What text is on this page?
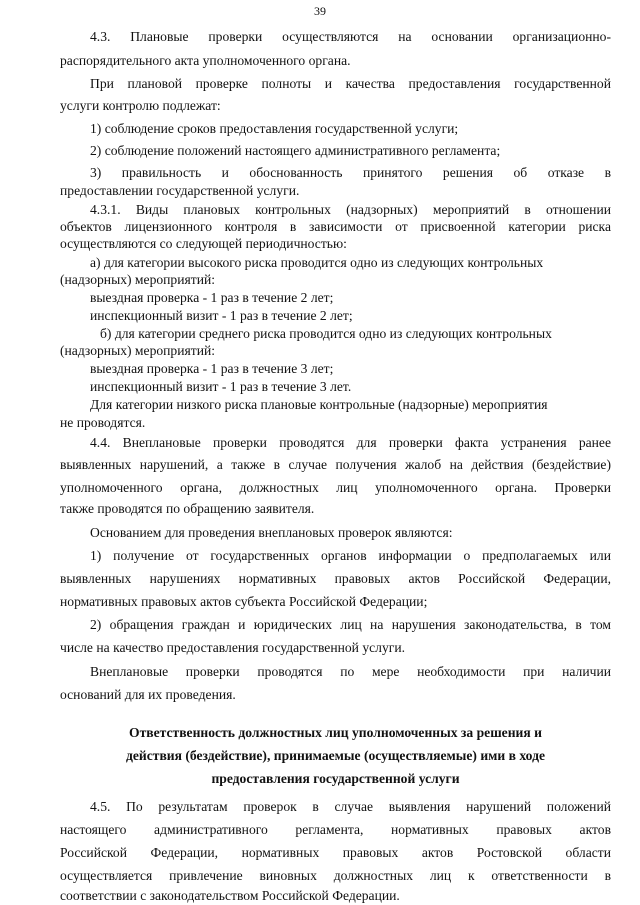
39
4.3. Плановые проверки осуществляются на основании организационно-
распорядительного акта уполномоченного органа.
При плановой проверке полноты и качества предоставления государственной
услуги контролю подлежат:
1) соблюдение сроков предоставления государственной услуги;
2) соблюдение положений настоящего административного регламента;
3) правильность и обоснованность принятого решения об отказе в
предоставлении государственной услуги.
4.3.1. Виды плановых контрольных (надзорных) мероприятий в отношении
объектов лицензионного контроля в зависимости от присвоенной категории риска
осуществляются со следующей периодичностью:
а) для категории высокого риска проводится одно из следующих контрольных
(надзорных) мероприятий:
выездная проверка - 1 раз в течение 2 лет;
инспекционный визит - 1 раз в течение 2 лет;
б) для категории среднего риска проводится одно из следующих контрольных
(надзорных) мероприятий:
выездная проверка - 1 раз в течение 3 лет;
инспекционный визит - 1 раз в течение 3 лет.
Для категории низкого риска плановые контрольные (надзорные) мероприятия
не проводятся.
4.4. Внеплановые проверки проводятся для проверки факта устранения ранее
выявленных нарушений, а также в случае получения жалоб на действия (бездействие)
уполномоченного органа, должностных лиц уполномоченного органа. Проверки
также проводятся по обращению заявителя.
Основанием для проведения внеплановых проверок являются:
1) получение от государственных органов информации о предполагаемых или
выявленных нарушениях нормативных правовых актов Российской Федерации,
нормативных правовых актов субъекта Российской Федерации;
2) обращения граждан и юридических лиц на нарушения законодательства, в том
числе на качество предоставления государственной услуги.
Внеплановые проверки проводятся по мере необходимости при наличии
оснований для их проведения.
4.5. По результатам проверок в случае выявления нарушений положений
настоящего административного регламента, нормативных правовых актов
Российской Федерации, нормативных правовых актов Ростовской области
осуществляется привлечение виновных должностных лиц к ответственности в
соответствии с законодательством Российской Федерации.
Ответственность должностных лиц уполномоченных за решения и
действия (бездействие), принимаемые (осуществляемые) ими в ходе
предоставления государственной услуги
